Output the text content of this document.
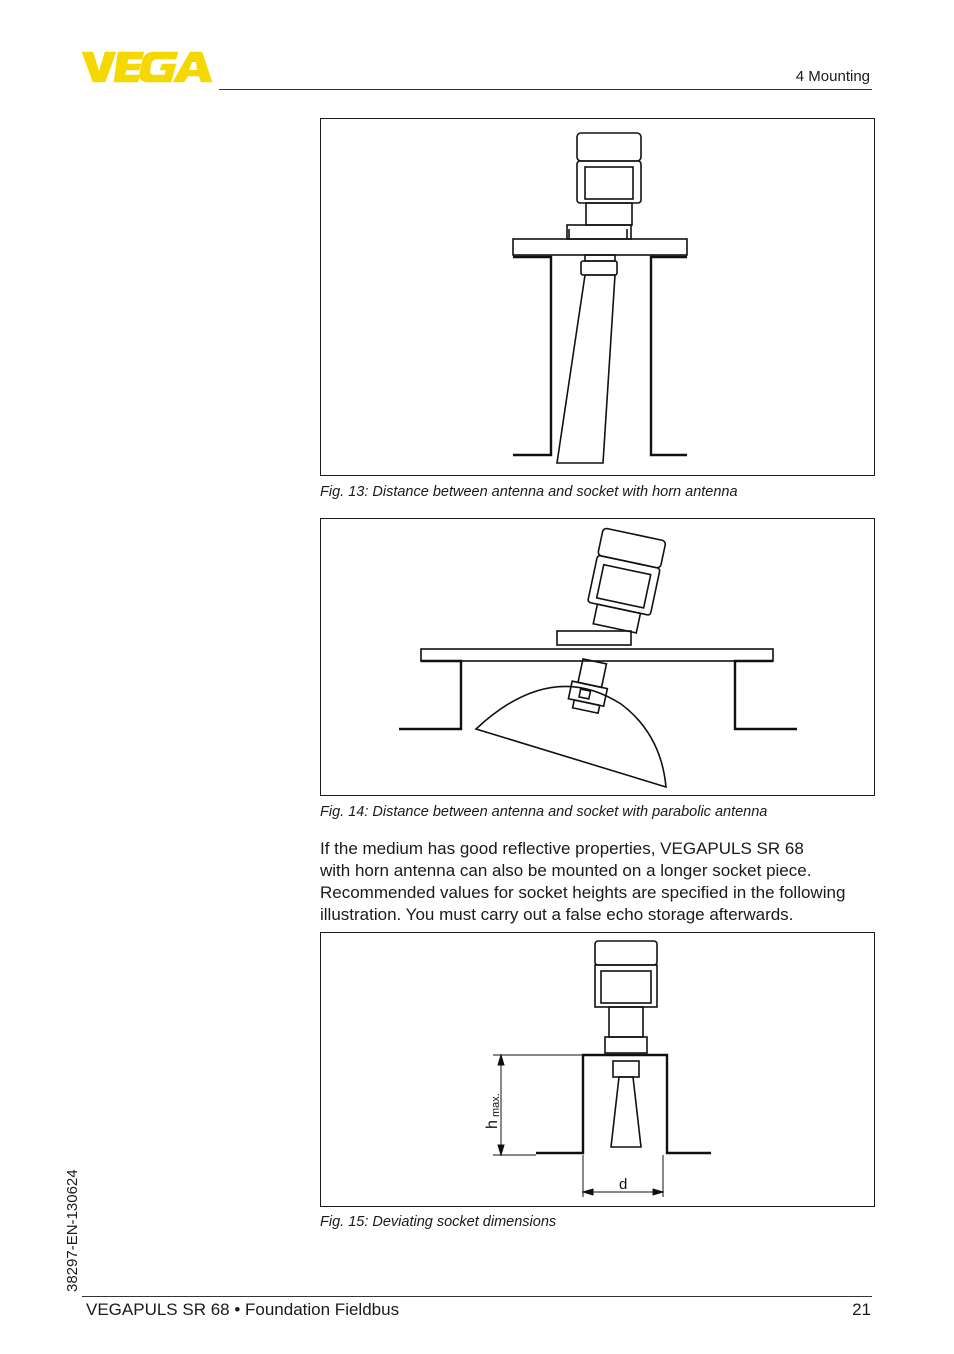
4 Mounting
Fig. 13: Distance between antenna and socket with horn antenna
Fig. 14: Distance between antenna and socket with parabolic antenna

If the medium has good reflective properties, VEGAPULS SR 68

with horn antenna can also be mounted on a longer socket piece.

Recommended values for socket heights are specified in the following

illustration. You must carry out a false echo storage afterwards.

h
max.
d
Fig. 15: Deviating socket dimensions
38297-EN-130624
VEGAPULS SR 68 • Foundation Fieldbus	21
